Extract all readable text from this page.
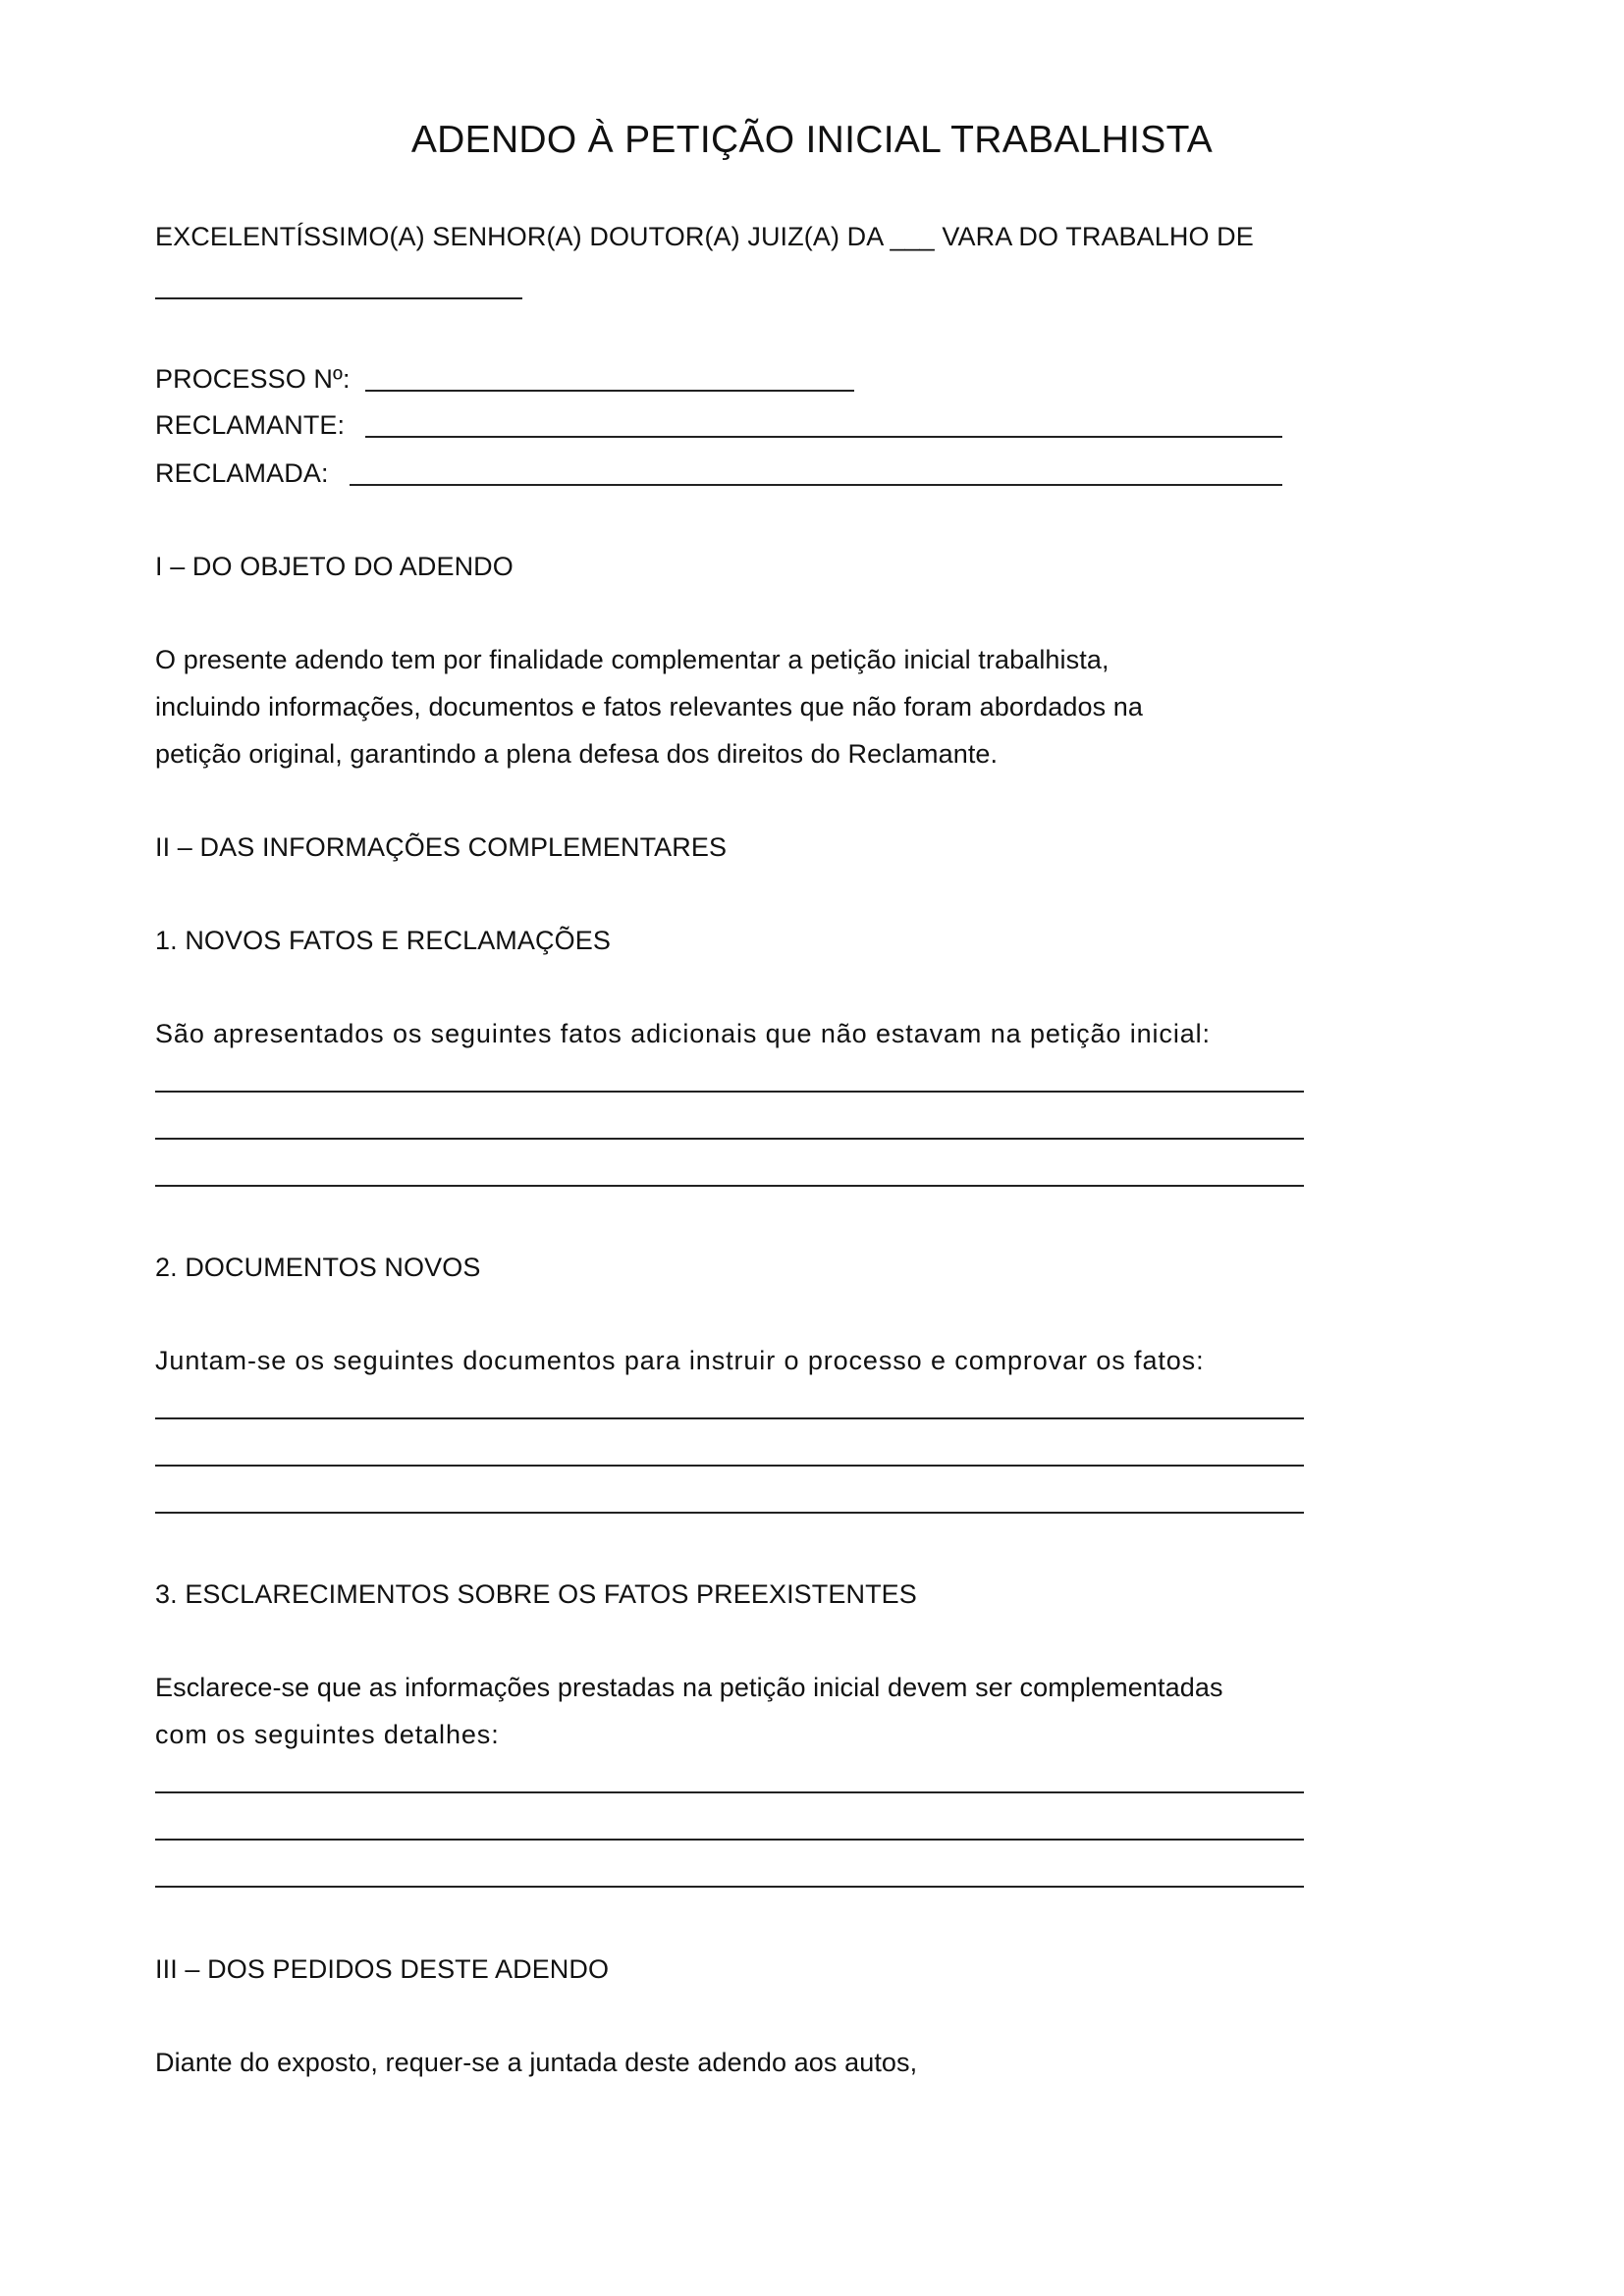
ADENDO À PETIÇÃO INICIAL TRABALHISTA
EXCELENTÍSSIMO(A) SENHOR(A) DOUTOR(A) JUIZ(A) DA ___ VARA DO TRABALHO DE
PROCESSO Nº:
RECLAMANTE:
RECLAMADA:
I – DO OBJETO DO ADENDO
O presente adendo tem por finalidade complementar a petição inicial trabalhista,
incluindo informações, documentos e fatos relevantes que não foram abordados na
petição original, garantindo a plena defesa dos direitos do Reclamante.
II – DAS INFORMAÇÕES COMPLEMENTARES
1. NOVOS FATOS E RECLAMAÇÕES
São apresentados os seguintes fatos adicionais que não estavam na petição inicial:
2. DOCUMENTOS NOVOS
Juntam-se os seguintes documentos para instruir o processo e comprovar os fatos:
3. ESCLARECIMENTOS SOBRE OS FATOS PREEXISTENTES
Esclarece-se que as informações prestadas na petição inicial devem ser complementadas
com os seguintes detalhes:
III – DOS PEDIDOS DESTE ADENDO
Diante do exposto, requer-se a juntada deste adendo aos autos,
